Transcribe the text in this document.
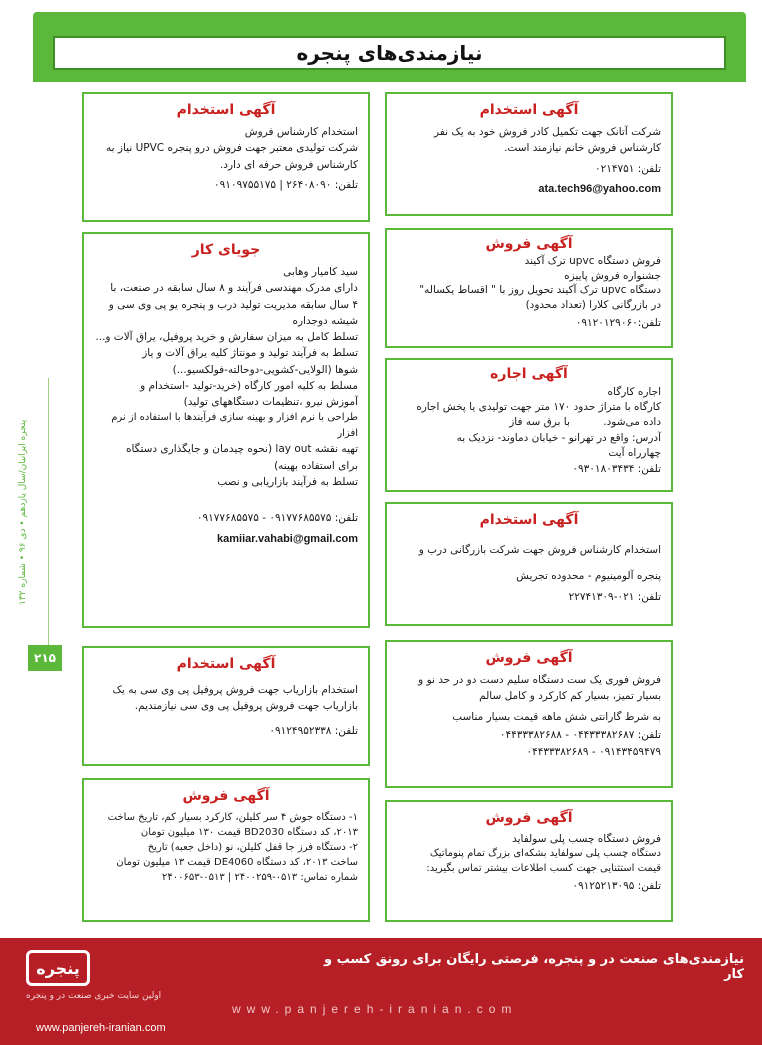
نیازمندی‌های پنجره
پنجره ایرانیان/سال یازدهم • دی ۹۶ • شماره ۱۳۲
۲۱۵
آگهی استخدام
شرکت آتانک جهت تکمیل کادر فروش خود به یک نفر
کارشناس فروش خانم نیازمند است.
تلفن: ۰۲۱۴۷۵۱
ata.tech96@yahoo.com
آگهی فروش
فروش دستگاه upvc ترک آکیند
جشنواره فروش پاییزه
دستگاه upvc ترک آکیند تحویل روز با " اقساط یکساله"
در بازرگانی کلارا (تعداد محدود)
تلفن:۰۹۱۲۰۱۲۹۰۶۰
آگهی اجاره
اجاره کارگاه
کارگاه با متراژ حدود ۱۷۰ متر جهت تولیدی یا پخش اجاره
داده می‌شود.          با برق سه فاز
آدرس: واقع در تهرانو - خیابان دماوند- نزدیک به
چهارراه آیت
تلفن: ۰۹۳۰۱۸۰۳۴۳۴
آگهی استخدام
استخدام کارشناس فروش جهت شرکت بازرگانی درب و
پنجره آلومینیوم - محدوده تجریش
تلفن: ۰۲۱-۲۲۷۴۱۳۰۹
آگهی فروش
فروش فوری یک ست دستگاه سلیم دست دو در حد نو و
بسیار تمیز، بسیار کم کارکرد و کامل سالم
به شرط گارانتی شش ماهه قیمت بسیار مناسب
تلفن: ۰۴۴۳۳۳۸۲۶۸۷ - ۰۴۴۳۳۳۸۲۶۸۸
۰۹۱۴۳۴۵۹۴۷۹ - ۰۴۴۳۳۳۸۲۶۸۹
آگهی فروش
فروش دستگاه چسب پلی سولفاید
دستگاه چسب پلی سولفاید بشکه‌ای بزرگ تمام پنوماتیک
قیمت استثنایی جهت کسب اطلاعات بیشتر تماس بگیرید:
تلفن: ۰۹۱۲۵۲۱۳۰۹۵
آگهی استخدام
استخدام کارشناس فروش
شرکت تولیدی معتبر جهت فروش درو پنجره UPVC نیاز به
کارشناس فروش حرفه ای دارد.
تلفن: ۲۶۴۰۸۰۹۰ | ۰۹۱۰۹۷۵۵۱۷۵
جویای کار
سید کامیار وهابی
دارای مدرک مهندسی فرآیند و ۸ سال سابقه در صنعت، با
۴ سال سابقه مدیریت تولید درب و پنجره یو پی وی سی و
شیشه دوجداره
تسلط کامل به میزان سفارش و خرید پروفیل، یراق آلات و...
تسلط به فرآیند تولید و مونتاژ کلیه یراق آلات و یاز
شوها (الولایی-کشویی-دوحالته-فولکسیو...)
مسلط به کلیه امور کارگاه (خرید-تولید -استخدام و
آموزش نیرو ،تنظیمات دستگاههای تولید)
طراحی با نرم افزار و بهینه سازی فرآیندها با استفاده از نرم افزار
تهیه نقشه lay out (نحوه چیدمان و جایگذاری دستگاه
برای استفاده بهینه)
تسلط به فرآیند بازاریابی و نصب
تلفن: ۰۹۱۷۷۶۸۵۵۷۵ - ۰۹۱۷۷۶۸۵۵۷۵
kamiiar.vahabi@gmail.com
آگهی استخدام
استخدام بازاریاب جهت فروش پروفیل پی وی سی به یک
بازاریاب جهت فروش پروفیل پی وی سی نیازمندیم.
تلفن: ۰۹۱۲۴۹۵۲۳۳۸
آگهی فروش
۱- دستگاه جوش ۴ سر کلیلن، کارکرد بسیار کم، تاریخ ساخت
۲۰۱۳، کد دستگاه BD2030 قیمت ۱۳۰ میلیون تومان
۲- دستگاه فرز جا قفل کلیلن، نو (داخل جعبه) تاریخ
ساخت ۲۰۱۳، کد دستگاه DE4060 قیمت ۱۳ میلیون تومان
شماره تماس: ۰۵۱۳-۲۴۰۰۲۵۹ | ۰۵۱۳-۲۴۰۰۶۵۳
پنجره
اولین سایت خبری صنعت در و پنجره
نیازمندی‌های صنعت در و پنجره، فرصتی رایگان برای رونق کسب و کار
www.panjereh-iranian.com
www.panjereh-iranian.com
